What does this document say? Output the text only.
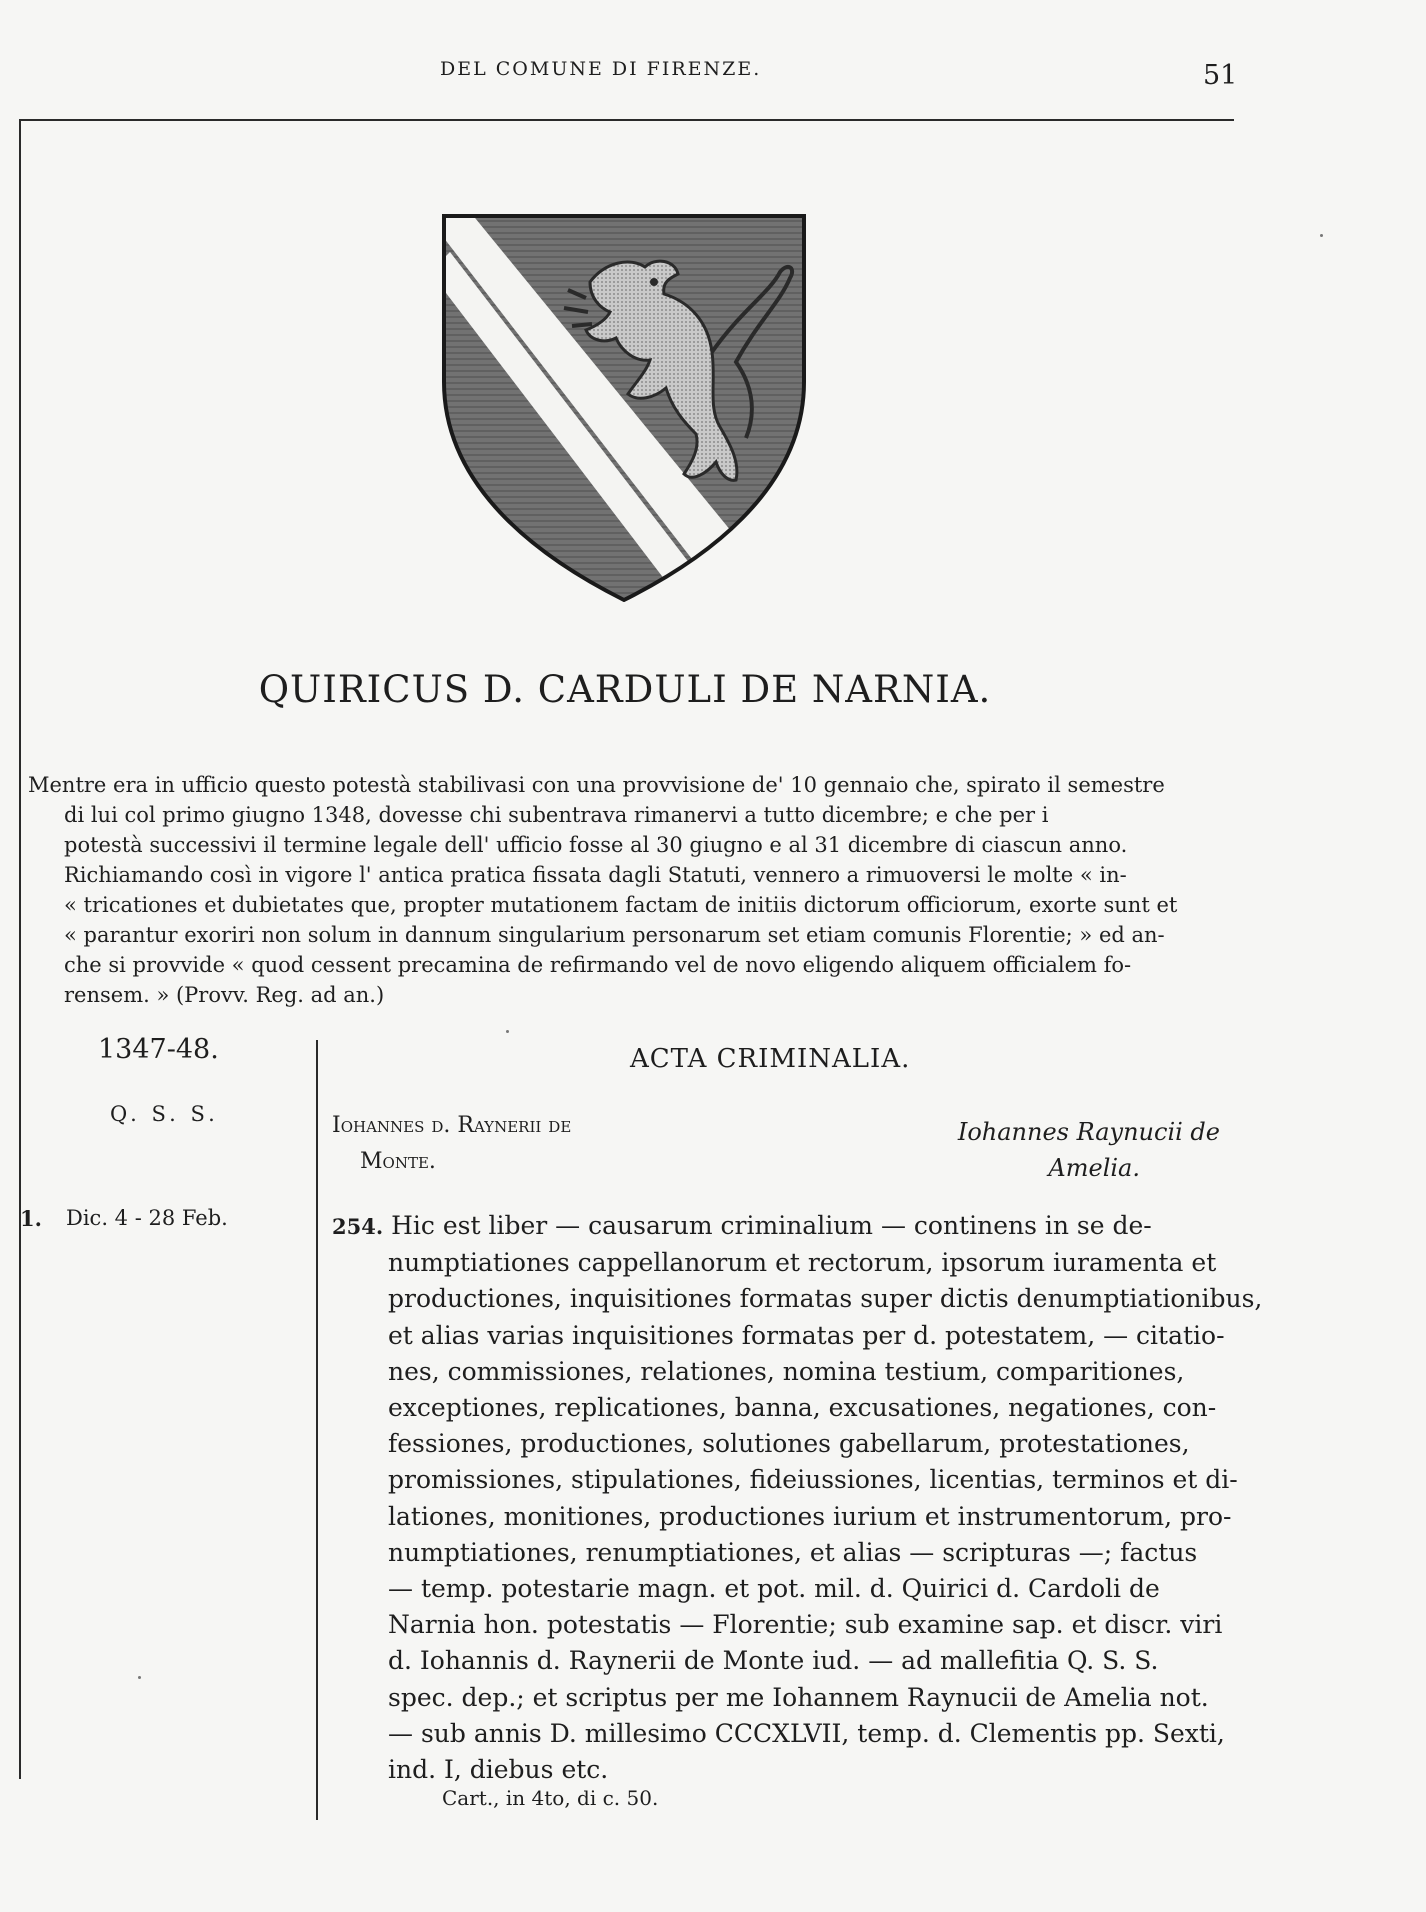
DEL COMUNE DI FIRENZE.	51
QUIRICUS D. CARDULI DE NARNIA.
Mentre era in ufficio questo potestà stabilivasi con una provvisione de' 10 gennaio che, spirato il semestre
di lui col primo giugno 1348, dovesse chi subentrava rimanervi a tutto dicembre; e che per i
potestà successivi il termine legale dell' ufficio fosse al 30 giugno e al 31 dicembre di ciascun anno.
Richiamando così in vigore l' antica pratica fissata dagli Statuti, vennero a rimuoversi le molte « in-
« tricationes et dubietates que, propter mutationem factam de initiis dictorum officiorum, exorte sunt et
« parantur exoriri non solum in dannum singularium personarum set etiam comunis Florentie; » ed an-
che si provvide « quod cessent precamina de refirmando vel de novo eligendo aliquem officialem fo-
rensem. » (Provv. Reg. ad an.)
1347-48.	ACTA CRIMINALIA.
Q. S. S.	Iohannes d. Raynerii de
Monte.
Iohannes Raynucii de
Amelia.
1. Dic. 4 - 28 Feb.	254. Hic est liber — causarum criminalium — continens in se de-
numptiationes cappellanorum et rectorum, ipsorum iuramenta et
productiones, inquisitiones formatas super dictis denumptiationibus,
et alias varias inquisitiones formatas per d. potestatem, — citatio-
nes, commissiones, relationes, nomina testium, comparitiones,
exceptiones, replicationes, banna, excusationes, negationes, con-
fessiones, productiones, solutiones gabellarum, protestationes,
promissiones, stipulationes, fideiussiones, licentias, terminos et di-
lationes, monitiones, productiones iurium et instrumentorum, pro-
numptiationes, renumptiationes, et alias — scripturas —; factus
— temp. potestarie magn. et pot. mil. d. Quirici d. Cardoli de
Narnia hon. potestatis — Florentie; sub examine sap. et discr. viri
d. Iohannis d. Raynerii de Monte iud. — ad mallefitia Q. S. S.
spec. dep.; et scriptus per me Iohannem Raynucii de Amelia not.
— sub annis D. millesimo CCCXLVII, temp. d. Clementis pp. Sexti,
ind. I, diebus etc.
Cart., in 4to, di c. 50.
